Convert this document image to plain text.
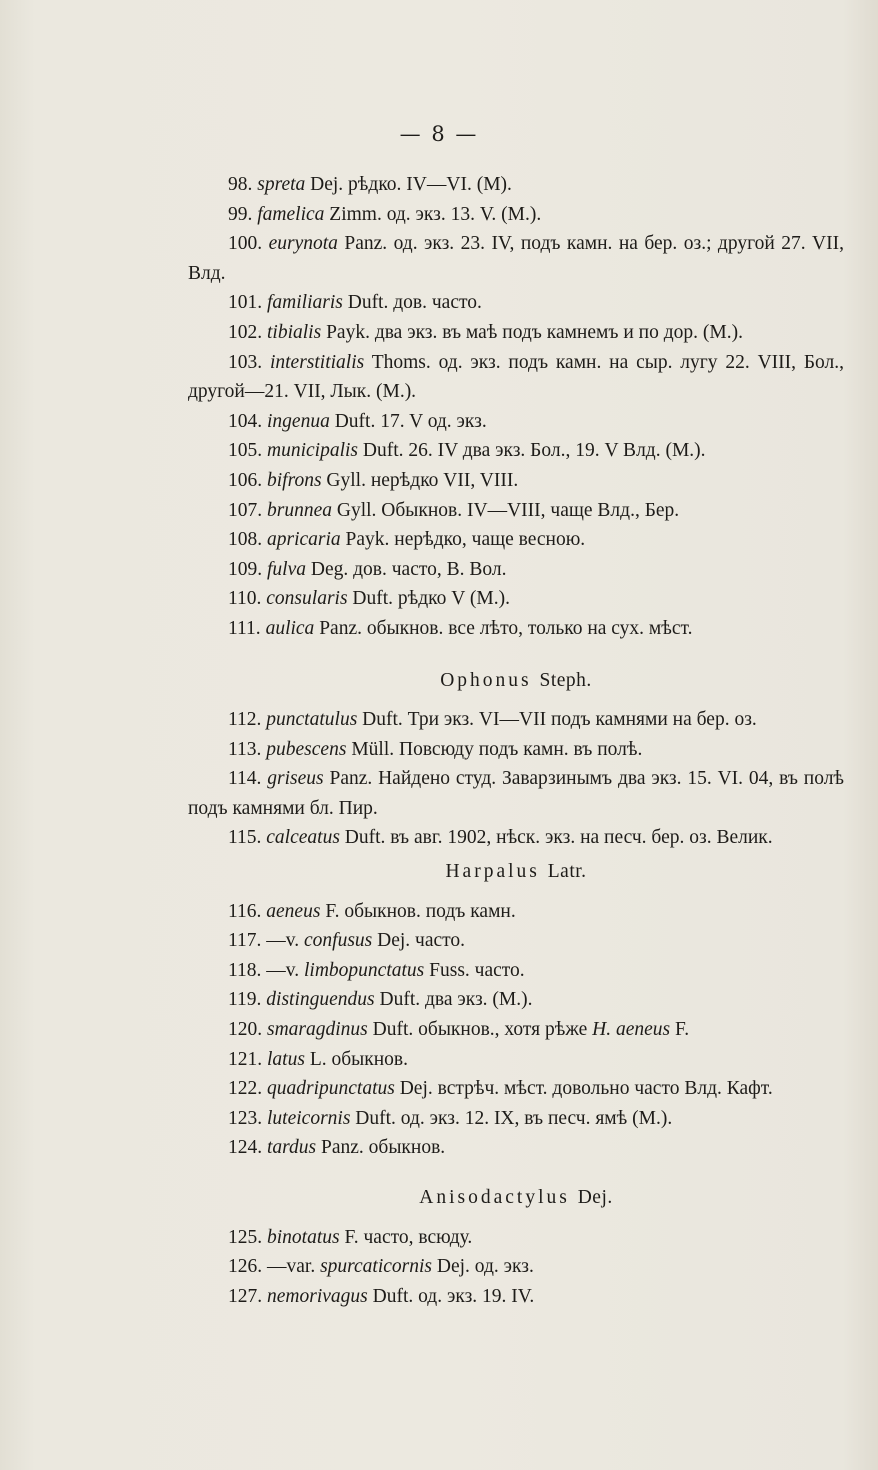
— 8 —

98. spreta Dej. рѣдко. IV—VI. (M).

99. famelica Zimm. од. экз. 13. V. (M.).

100. eurynota Panz. од. экз. 23. IV, подъ камн. на бер. оз.; другой 27. VII, Влд.

101. familiaris Duft. дов. часто.

102. tibialis Payk. два экз. въ маѣ подъ камнемъ и по дор. (M.).

103. interstitialis Thoms. од. экз. подъ камн. на сыр. лугу 22. VIII, Бол., другой—21. VII, Лык. (M.).

104. ingenua Duft. 17. V од. экз.

105. municipalis Duft. 26. IV два экз. Бол., 19. V Влд. (M.).

106. bifrons Gyll. нерѣдко VII, VIII.

107. brunnea Gyll. Обыкнов. IV—VIII, чаще Влд., Бер.

108. apricaria Payk. нерѣдко, чаще весною.

109. fulva Deg. дов. часто, В. Вол.

110. consularis Duft. рѣдко V (M.).

111. aulica Panz. обыкнов. все лѣто, только на сух. мѣст.

Ophonus Steph.

112. punctatulus Duft. Три экз. VI—VII подъ камнями на бер. оз.

113. pubescens Müll. Повсюду подъ камн. въ полѣ.

114. griseus Panz. Найдено студ. Заварзинымъ два экз. 15. VI. 04, въ полѣ подъ камнями бл. Пир.

115. calceatus Duft. въ авг. 1902, нѣск. экз. на песч. бер. оз. Велик.

Harpalus Latr.

116. aeneus F. обыкнов. подъ камн.

117. —v. confusus Dej. часто.

118. —v. limbopunctatus Fuss. часто.

119. distinguendus Duft. два экз. (M.).

120. smaragdinus Duft. обыкнов., хотя рѣже H. aeneus F.

121. latus L. обыкнов.

122. quadripunctatus Dej. встрѣч. мѣст. довольно часто Влд. Кафт.

123. luteicornis Duft. од. экз. 12. IX, въ песч. ямѣ (M.).

124. tardus Panz. обыкнов.

Anisodactylus Dej.

125. binotatus F. часто, всюду.

126. —var. spurcaticornis Dej. од. экз.

127. nemorivagus Duft. од. экз. 19. IV.
